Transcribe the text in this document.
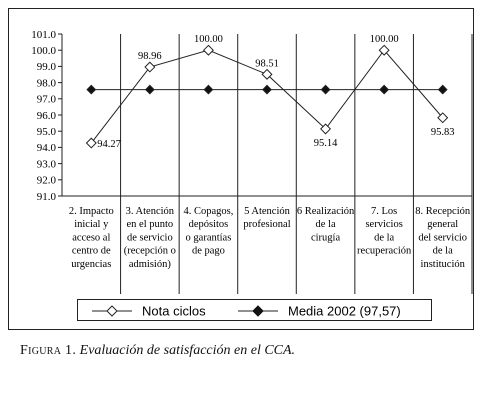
101.0
100.0
99.0
98.0
97.0
96.0
95.0
94.0
93.0
92.0
91.0
94.27
98.96
100.00
98.51
95.14
100.00
95.83
2. Impacto inicial y acceso al centro de urgencias
3. Atención en el punto de servicio (recepción o admisión)
4. Copagos, depósitos o garantías de pago
5 Atención profesional
6 Realización de la cirugía
7. Los servicios de la recuperación
8. Recepción general del servicio de la institución
Nota ciclos	Media 2002 (97,57)
Figura 1. Evaluación de satisfacción en el CCA.
